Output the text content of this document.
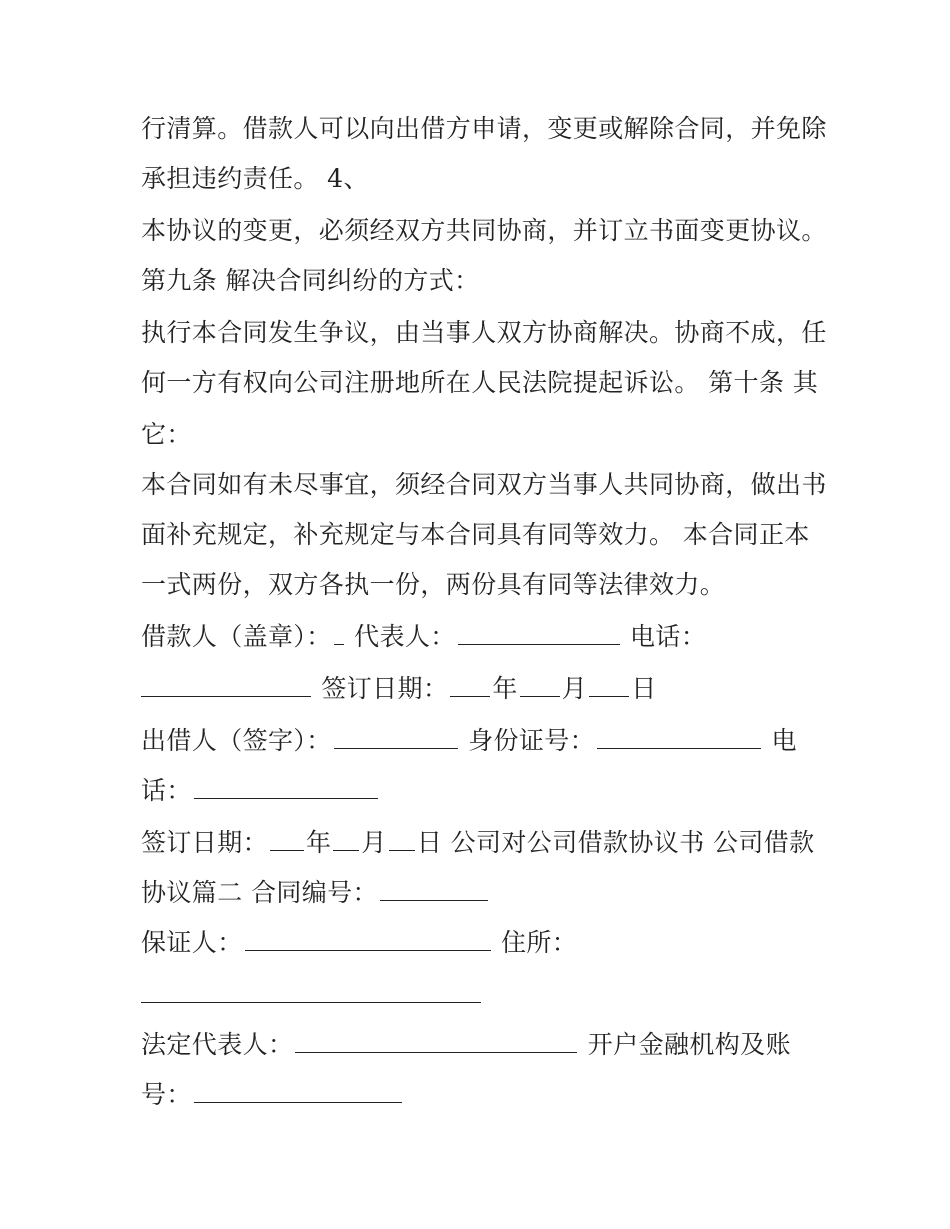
行清算。借款人可以向出借方申请，变更或解除合同，并免除

承担违约责任。 4、

本协议的变更，必须经双方共同协商，并订立书面变更协议。

第九条 解决合同纠纷的方式：

执行本合同发生争议，由当事人双方协商解决。协商不成，任

何一方有权向公司注册地所在人民法院提起诉讼。 第十条 其

它：

本合同如有未尽事宜，须经合同双方当事人共同协商，做出书

面补充规定，补充规定与本合同具有同等效力。 本合同正本

一式两份，双方各执一份，两份具有同等法律效力。

借款人（盖章）： 代表人：	电话：

签订日期： 年 月 日

出借人（签字）：	身份证号：	电

话：

签订日期： 年 月 日 公司对公司借款协议书 公司借款

协议篇二 合同编号：

保证人：	住所：

法定代表人：	开户金融机构及账

号：
